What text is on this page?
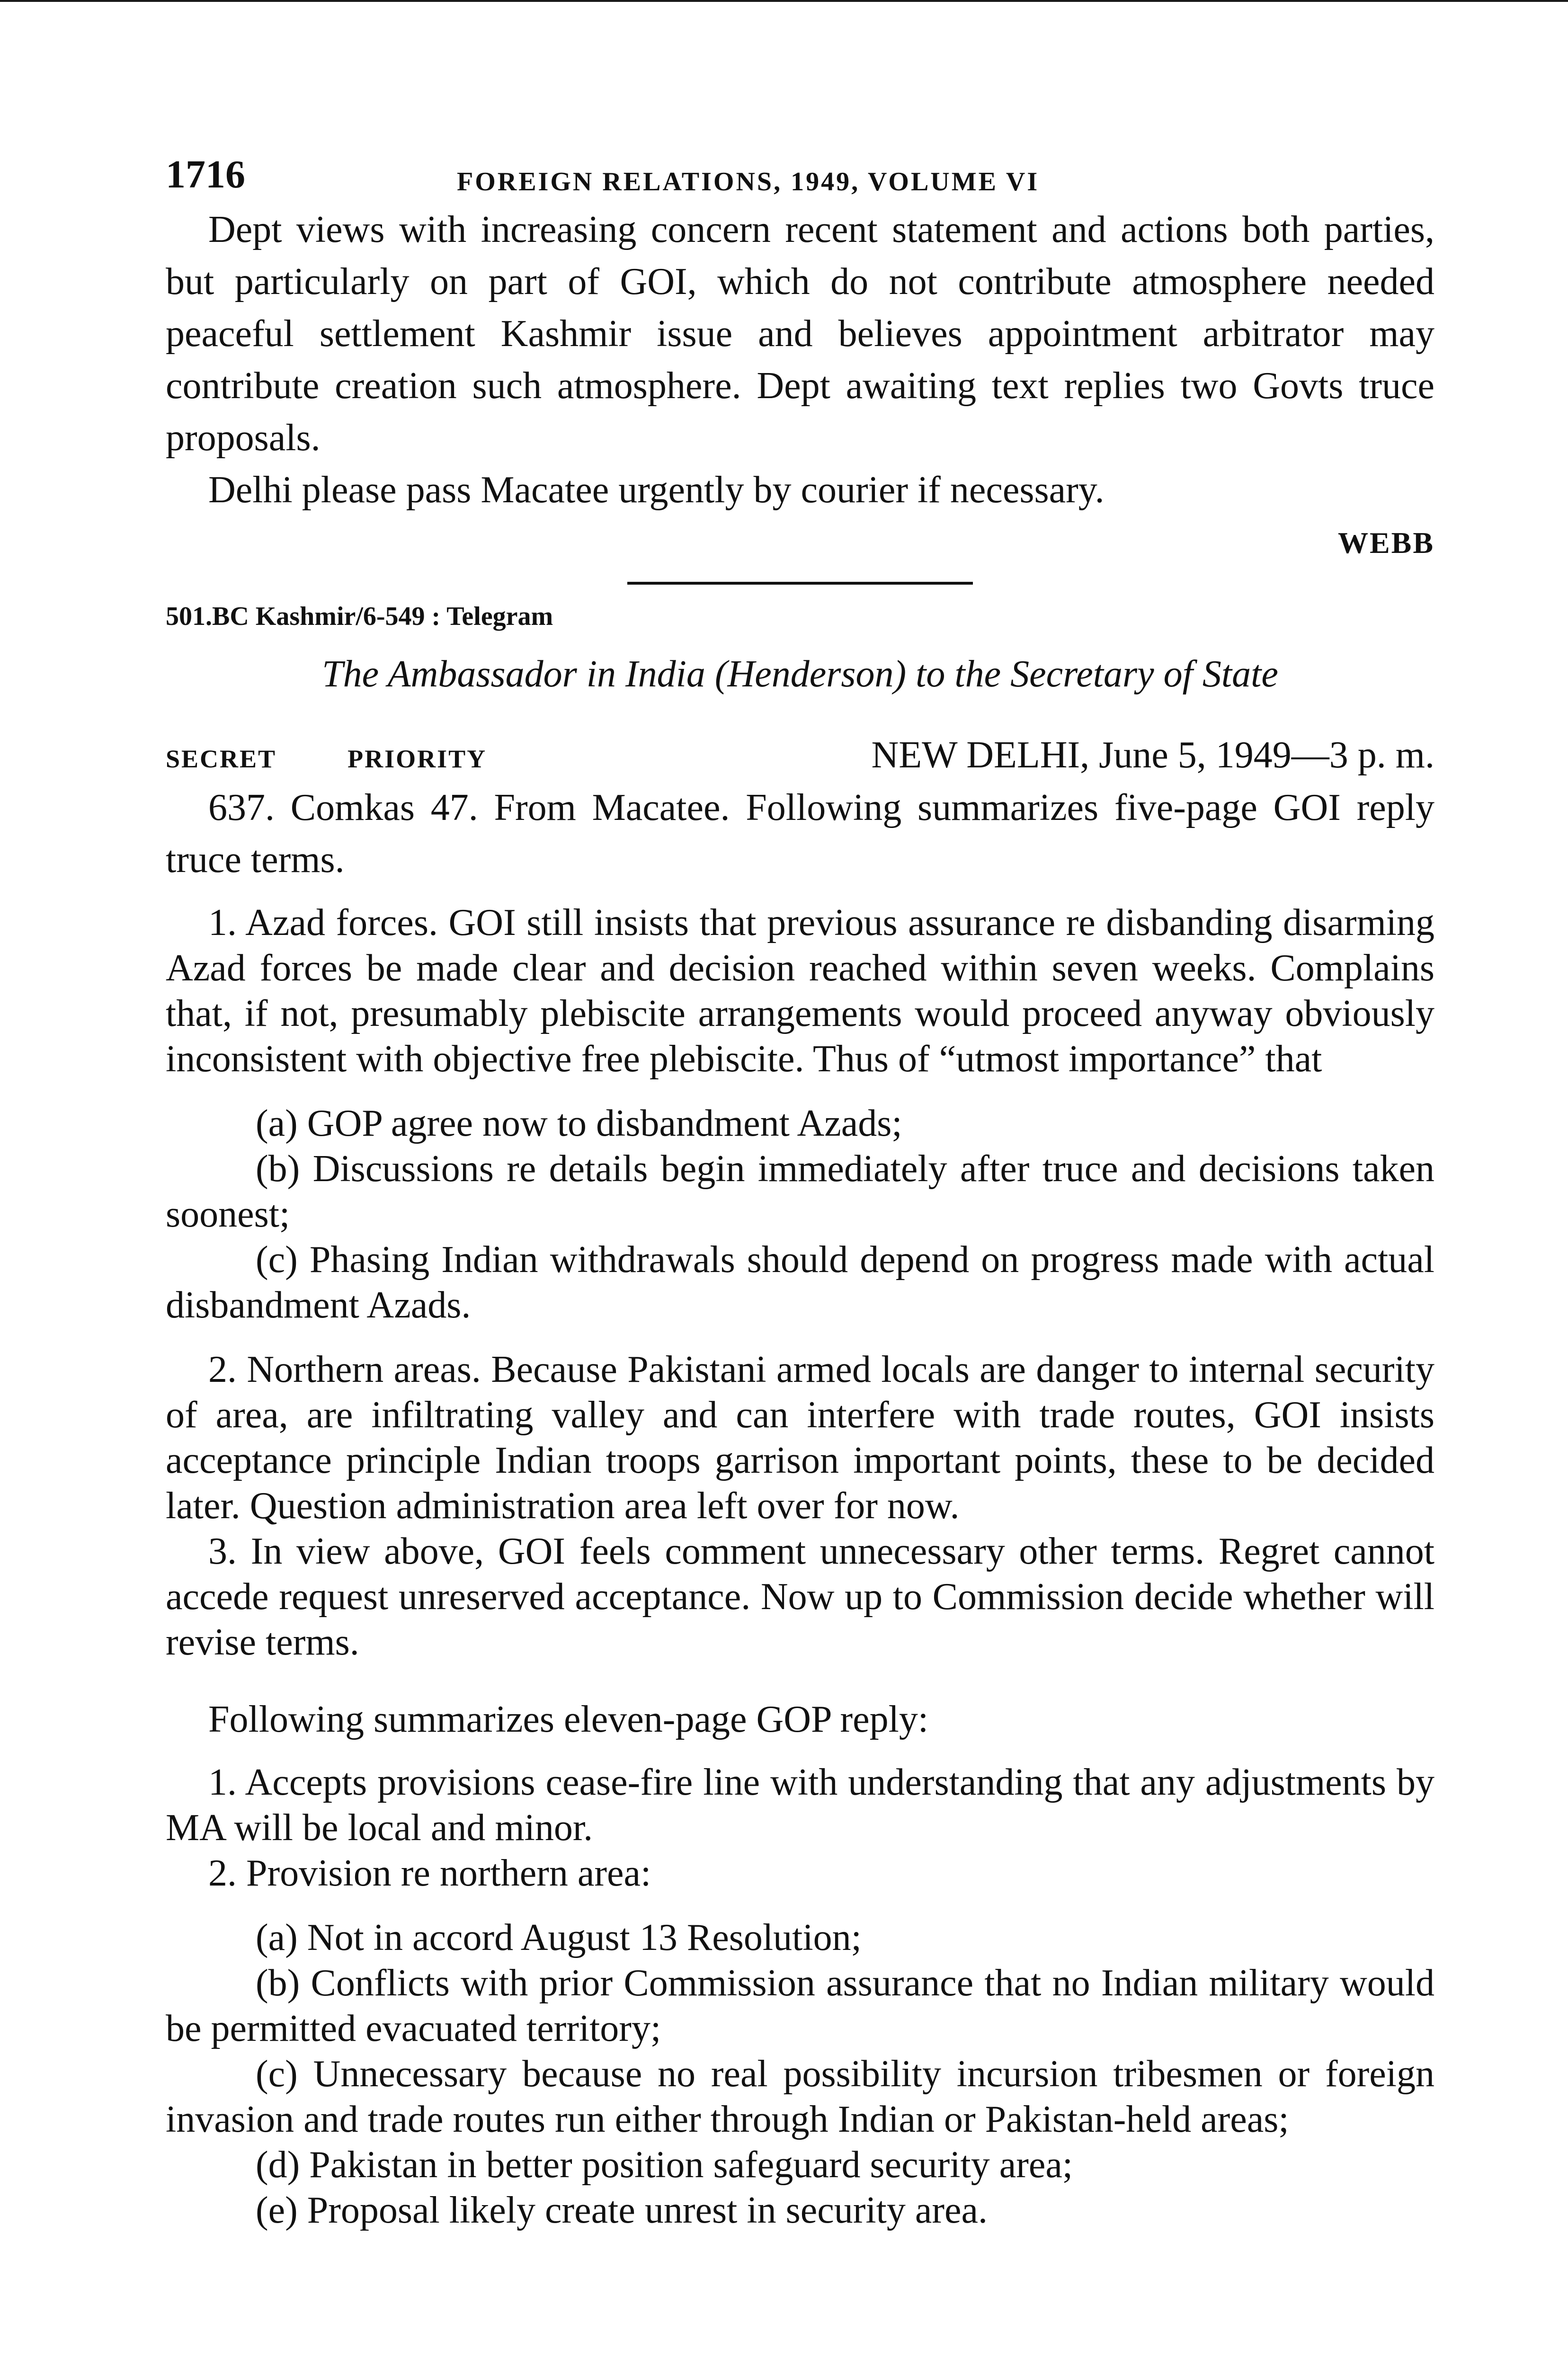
1716	FOREIGN RELATIONS, 1949, VOLUME VI

Dept views with increasing concern recent statement and actions both parties, but particularly on part of GOI, which do not contribute atmosphere needed peaceful settlement Kashmir issue and believes appointment arbitrator may contribute creation such atmosphere. Dept awaiting text replies two Govts truce proposals.

Delhi please pass Macatee urgently by courier if necessary.

WEBB
501.BC Kashmir/6-549 : Telegram
The Ambassador in India (Henderson) to the Secretary of State
SECRET	PRIORITY	NEW DELHI, June 5, 1949—3 p. m.

637. Comkas 47. From Macatee. Following summarizes five-page GOI reply truce terms.

1. Azad forces. GOI still insists that previous assurance re disbanding disarming Azad forces be made clear and decision reached within seven weeks. Complains that, if not, presumably plebiscite arrangements would proceed anyway obviously inconsistent with objective free plebiscite. Thus of “utmost importance” that

(a) GOP agree now to disbandment Azads;

(b) Discussions re details begin immediately after truce and decisions taken soonest;

(c) Phasing Indian withdrawals should depend on progress made with actual disbandment Azads.

2. Northern areas. Because Pakistani armed locals are danger to internal security of area, are infiltrating valley and can interfere with trade routes, GOI insists acceptance principle Indian troops garrison important points, these to be decided later. Question administration area left over for now.

3. In view above, GOI feels comment unnecessary other terms. Regret cannot accede request unreserved acceptance. Now up to Commission decide whether will revise terms.

Following summarizes eleven-page GOP reply:

1. Accepts provisions cease-fire line with understanding that any adjustments by MA will be local and minor.

2. Provision re northern area:

(a) Not in accord August 13 Resolution;

(b) Conflicts with prior Commission assurance that no Indian military would be permitted evacuated territory;

(c) Unnecessary because no real possibility incursion tribesmen or foreign invasion and trade routes run either through Indian or Pakistan-held areas;

(d) Pakistan in better position safeguard security area;

(e) Proposal likely create unrest in security area.
